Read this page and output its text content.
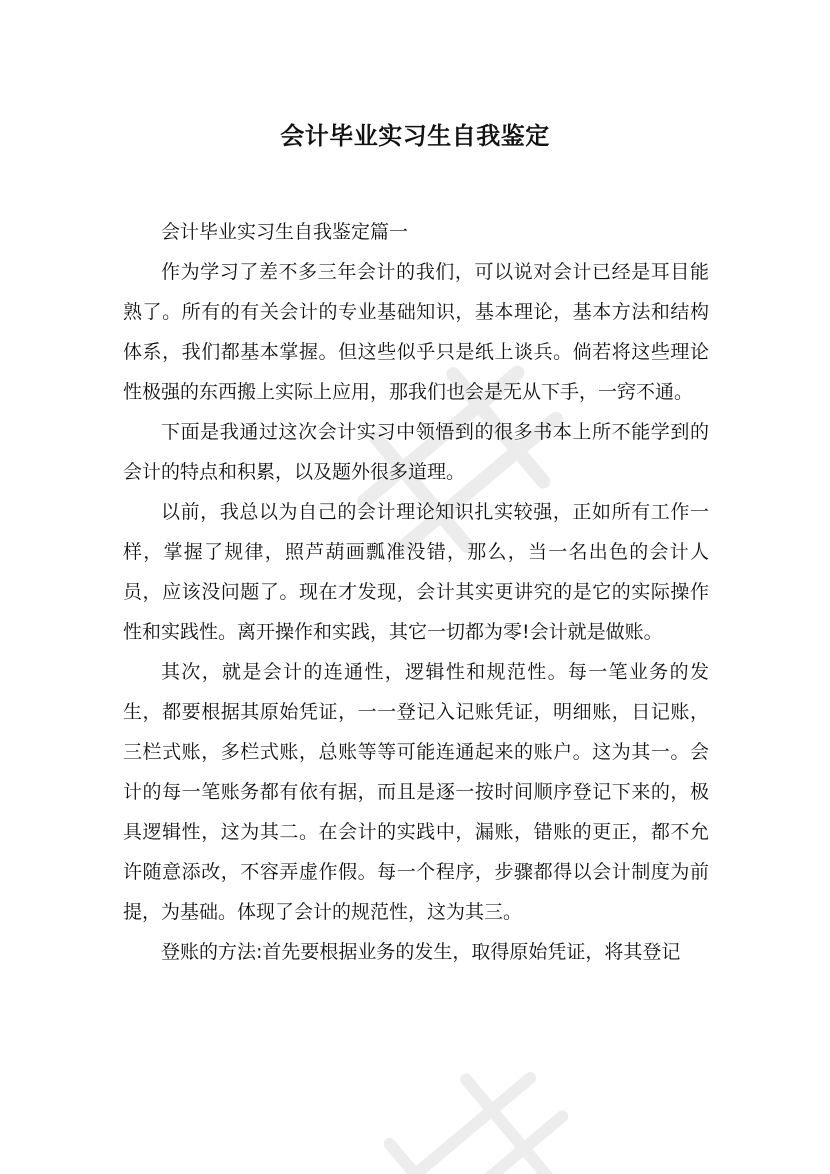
会计毕业实习生自我鉴定

会计毕业实习生自我鉴定篇一

作为学习了差不多三年会计的我们，可以说对会计已经是耳目能熟了。所有的有关会计的专业基础知识，基本理论，基本方法和结构体系，我们都基本掌握。但这些似乎只是纸上谈兵。倘若将这些理论性极强的东西搬上实际上应用，那我们也会是无从下手，一窍不通。

下面是我通过这次会计实习中领悟到的很多书本上所不能学到的会计的特点和积累，以及题外很多道理。

以前，我总以为自己的会计理论知识扎实较强，正如所有工作一样，掌握了规律，照芦葫画瓢准没错，那么，当一名出色的会计人员，应该没问题了。现在才发现，会计其实更讲究的是它的实际操作性和实践性。离开操作和实践，其它一切都为零!会计就是做账。

其次，就是会计的连通性，逻辑性和规范性。每一笔业务的发生，都要根据其原始凭证，一一登记入记账凭证，明细账，日记账，三栏式账，多栏式账，总账等等可能连通起来的账户。这为其一。会计的每一笔账务都有依有据，而且是逐一按时间顺序登记下来的，极具逻辑性，这为其二。在会计的实践中，漏账，错账的更正，都不允许随意添改，不容弄虚作假。每一个程序，步骤都得以会计制度为前提，为基础。体现了会计的规范性，这为其三。

登账的方法:首先要根据业务的发生，取得原始凭证，将其登记
